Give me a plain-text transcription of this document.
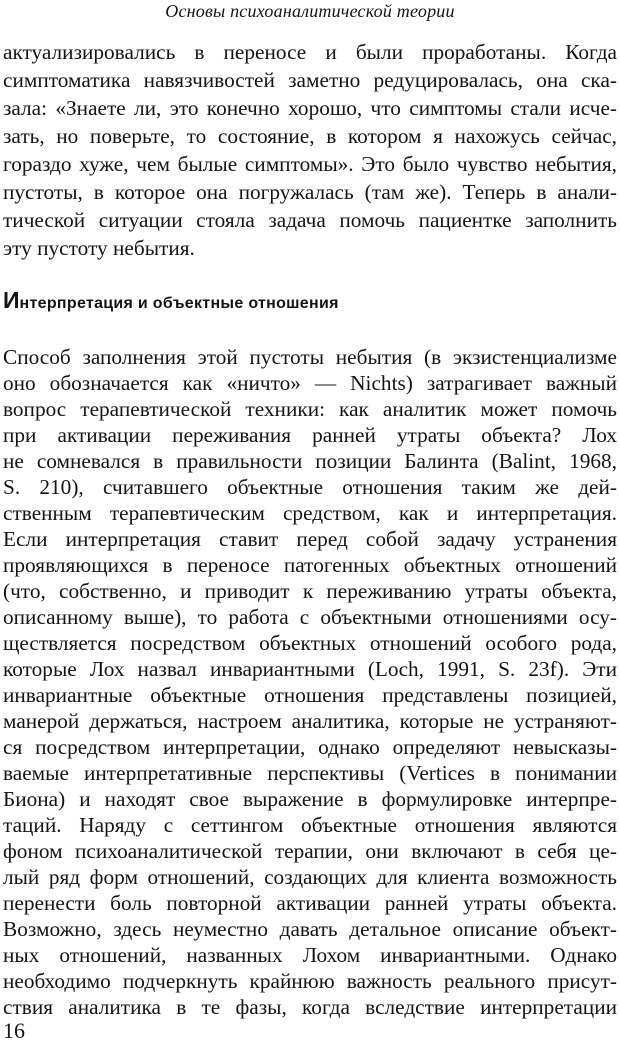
Основы психоаналитической теории
актуализировались в переносе и были проработаны. Когда
симптоматика навязчивостей заметно редуцировалась, она ска-
зала: «Знаете ли, это конечно хорошо, что симптомы стали исче-
зать, но поверьте, то состояние, в котором я нахожусь сейчас,
гораздо хуже, чем былые симптомы». Это было чувство небытия,
пустоты, в которое она погружалась (там же). Теперь в анали-
тической ситуации стояла задача помочь пациентке заполнить
эту пустоту небытия.
Интерпретация и объектные отношения
Способ заполнения этой пустоты небытия (в экзистенциализме
оно обозначается как «ничто» — Nichts) затрагивает важный
вопрос терапевтической техники: как аналитик может помочь
при активации переживания ранней утраты объекта? Лох
не сомневался в правильности позиции Балинта (Balint, 1968,
S. 210), считавшего объектные отношения таким же дей-
ственным терапевтическим средством, как и интерпретация.
Если интерпретация ставит перед собой задачу устранения
проявляющихся в переносе патогенных объектных отношений
(что, собственно, и приводит к переживанию утраты объекта,
описанному выше), то работа с объектными отношениями осу-
ществляется посредством объектных отношений особого рода,
которые Лох назвал инвариантными (Loch, 1991, S. 23f). Эти
инвариантные объектные отношения представлены позицией,
манерой держаться, настроем аналитика, которые не устраняют-
ся посредством интерпретации, однако определяют невысказы-
ваемые интерпретативные перспективы (Vertices в понимании
Биона) и находят свое выражение в формулировке интерпре-
таций. Наряду с сеттингом объектные отношения являются
фоном психоаналитической терапии, они включают в себя це-
лый ряд форм отношений, создающих для клиента возможность
перенести боль повторной активации ранней утраты объекта.
Возможно, здесь неуместно давать детальное описание объект-
ных отношений, названных Лохом инвариантными. Однако
необходимо подчеркнуть крайнюю важность реального присут-
ствия аналитика в те фазы, когда вследствие интерпретации
16
